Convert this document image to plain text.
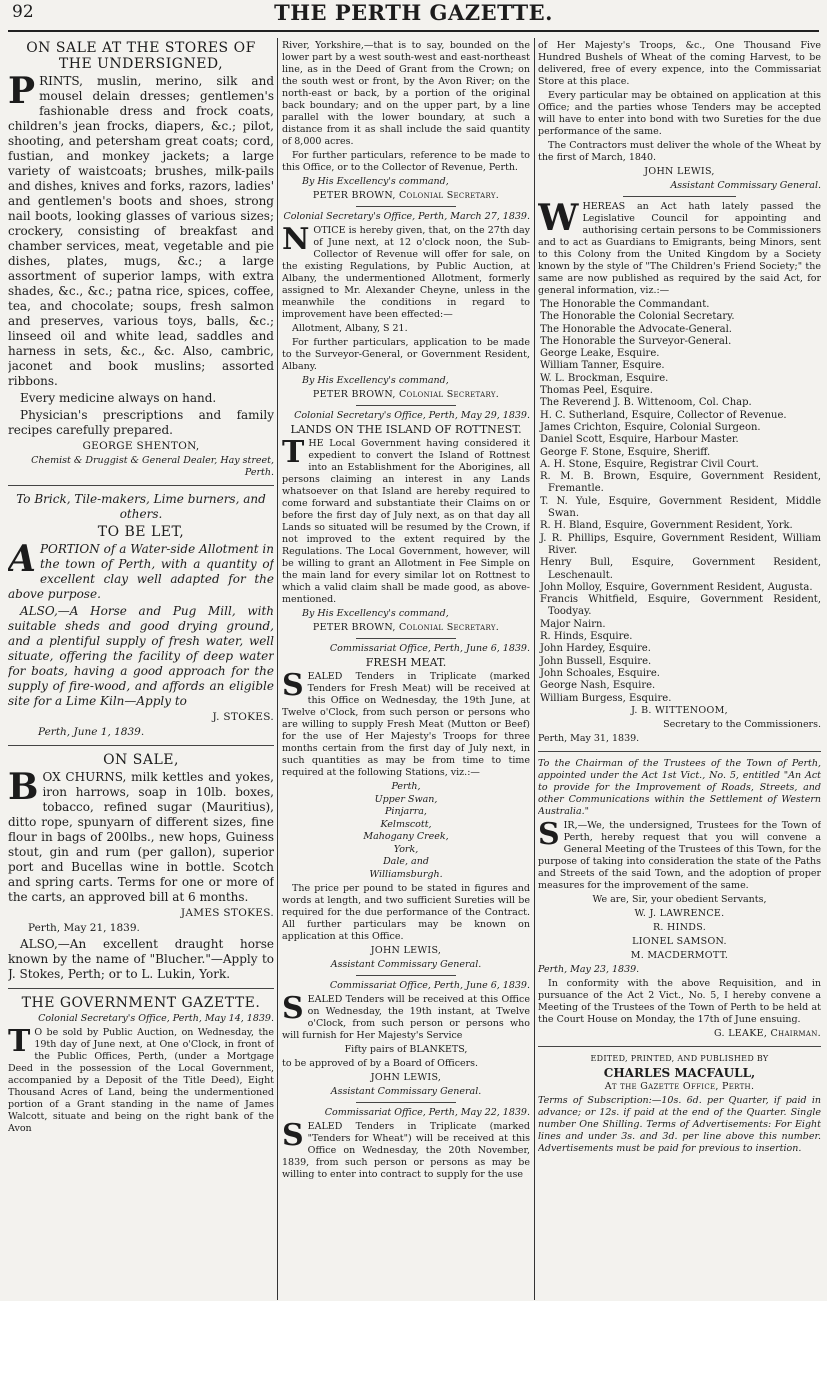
92	THE PERTH GAZETTE.

ON SALE AT THE STORES OF THE UNDERSIGNED,

P RINTS, muslin, merino, silk and mousel delain dresses; gentlemen's fashionable dress and frock coats, children's jean frocks, diapers, &c.; pilot, shooting, and petersham great coats; cord, fustian, and monkey jackets; a large variety of waistcoats; brushes, milk-pails and dishes, knives and forks, razors, ladies' and gentlemen's boots and shoes, strong nail boots, looking glasses of various sizes; crockery, consisting of breakfast and chamber services, meat, vegetable and pie dishes, plates, mugs, &c.; a large assortment of superior lamps, with extra shades, &c., &c.; patna rice, spices, coffee, tea, and chocolate; soups, fresh salmon and preserves, various toys, balls, &c.; linseed oil and white lead, saddles and harness in sets, &c., &c. Also, cambric, jaconet and book muslins; assorted ribbons.

Every medicine always on hand.

Physician's prescriptions and family recipes carefully prepared.

GEORGE SHENTON,

Chemist & Druggist & General Dealer, Hay street, Perth.

To Brick, Tile-makers, Lime burners, and others.

TO BE LET,

A PORTION of a Water-side Allotment in the town of Perth, with a quantity of excellent clay well adapted for the above purpose.

ALSO,—A Horse and Pug Mill, with suitable sheds and good drying ground, and a plentiful supply of fresh water, well situate, offering the facility of deep water for boats, having a good approach for the supply of fire-wood, and affords an eligible site for a Lime Kiln—Apply to

J. STOKES.

Perth, June 1, 1839.

ON SALE,

B OX CHURNS, milk kettles and yokes, iron harrows, soap in 10lb. boxes, tobacco, refined sugar (Mauritius), ditto rope, spunyarn of different sizes, fine flour in bags of 200lbs., new hops, Guiness stout, gin and rum (per gallon), superior port and Bucellas wine in bottle. Scotch and spring carts. Terms for one or more of the carts, an approved bill at 6 months.

JAMES STOKES.

Perth, May 21, 1839.

ALSO,—An excellent draught horse known by the name of "Blucher."—Apply to J. Stokes, Perth; or to L. Lukin, York.

THE GOVERNMENT GAZETTE.

Colonial Secretary's Office, Perth, May 14, 1839.

T O be sold by Public Auction, on Wednesday, the 19th day of June next, at One o'Clock, in front of the Public Offices, Perth, (under a Mortgage Deed in the possession of the Local Government, accompanied by a Deposit of the Title Deed), Eight Thousand Acres of Land, being the undermentioned portion of a Grant standing in the name of James Walcott, situate and being on the right bank of the Avon

River, Yorkshire,—that is to say, bounded on the lower part by a west south-west and east-northeast line, as in the Deed of Grant from the Crown; on the south west or front, by the Avon River; on the north-east or back, by a portion of the original back boundary; and on the upper part, by a line parallel with the lower boundary, at such a distance from it as shall include the said quantity of 8,000 acres.

For further particulars, reference to be made to this Office, or to the Collector of Revenue, Perth.

By His Excellency's command,

PETER BROWN, Colonial Secretary.

Colonial Secretary's Office, Perth, March 27, 1839.

N OTICE is hereby given, that, on the 27th day of June next, at 12 o'clock noon, the Sub-Collector of Revenue will offer for sale, on the existing Regulations, by Public Auction, at Albany, the undermentioned Allotment, formerly assigned to Mr. Alexander Cheyne, unless in the meanwhile the conditions in regard to improvement have been effected:—

Allotment, Albany, S 21.

For further particulars, application to be made to the Surveyor-General, or Government Resident, Albany.

By His Excellency's command,

PETER BROWN, Colonial Secretary.

Colonial Secretary's Office, Perth, May 29, 1839.

LANDS ON THE ISLAND OF ROTTNEST.

T HE Local Government having considered it expedient to convert the Island of Rottnest into an Establishment for the Aborigines, all persons claiming an interest in any Lands whatsoever on that Island are hereby required to come forward and substantiate their Claims on or before the first day of July next, as on that day all Lands so situated will be resumed by the Crown, if not improved to the extent required by the Regulations. The Local Government, however, will be willing to grant an Allotment in Fee Simple on the main land for every similar lot on Rottnest to which a valid claim shall be made good, as above-mentioned.

By His Excellency's command,

PETER BROWN, Colonial Secretary.

Commissariat Office, Perth, June 6, 1839.

FRESH MEAT.

S EALED Tenders in Triplicate (marked Tenders for Fresh Meat) will be received at this Office on Wednesday, the 19th June, at Twelve o'Clock, from such person or persons who are willing to supply Fresh Meat (Mutton or Beef) for the use of Her Majesty's Troops for three months certain from the first day of July next, in such quantities as may be from time to time required at the following Stations, viz.:—

Perth,
Upper Swan,
Pinjarra,
Kelmscott,
Mahogany Creek,
York,
Dale, and
Williamsburgh.

The price per pound to be stated in figures and words at length, and two sufficient Sureties will be required for the due performance of the Contract. All further particulars may be known on application at this Office.

JOHN LEWIS,

Assistant Commissary General.

Commissariat Office, Perth, June 6, 1839.

S EALED Tenders will be received at this Office on Wednesday, the 19th instant, at Twelve o'Clock, from such person or persons who will furnish for Her Majesty's Service

Fifty pairs of BLANKETS,

to be approved of by a Board of Officers.

JOHN LEWIS,

Assistant Commissary General.

Commissariat Office, Perth, May 22, 1839.

S EALED Tenders in Triplicate (marked "Tenders for Wheat") will be received at this Office on Wednesday, the 20th November, 1839, from such person or persons as may be willing to enter into contract to supply for the use

of Her Majesty's Troops, &c., One Thousand Five Hundred Bushels of Wheat of the coming Harvest, to be delivered, free of every expence, into the Commissariat Store at this place.

Every particular may be obtained on application at this Office; and the parties whose Tenders may be accepted will have to enter into bond with two Sureties for the due performance of the same.

The Contractors must deliver the whole of the Wheat by the first of March, 1840.

JOHN LEWIS,

Assistant Commissary General.

W HEREAS an Act hath lately passed the Legislative Council for appointing and authorising certain persons to be Commissioners and to act as Guardians to Emigrants, being Minors, sent to this Colony from the United Kingdom by a Society known by the style of "The Children's Friend Society;" the same are now published as required by the said Act, for general information, viz.:—

The Honorable the Commandant.
The Honorable the Colonial Secretary.
The Honorable the Advocate-General.
The Honorable the Surveyor-General.
George Leake, Esquire.
William Tanner, Esquire.
W. L. Brockman, Esquire.
Thomas Peel, Esquire.
The Reverend J. B. Wittenoom, Col. Chap.
H. C. Sutherland, Esquire, Collector of Revenue.
James Crichton, Esquire, Colonial Surgeon.
Daniel Scott, Esquire, Harbour Master.
George F. Stone, Esquire, Sheriff.
A. H. Stone, Esquire, Registrar Civil Court.
R. M. B. Brown, Esquire, Government Resident, Fremantle.
T. N. Yule, Esquire, Government Resident, Middle Swan.
R. H. Bland, Esquire, Government Resident, York.
J. R. Phillips, Esquire, Government Resident, William River.
Henry Bull, Esquire, Government Resident, Leschenault.
John Molloy, Esquire, Government Resident, Augusta.
Francis Whitfield, Esquire, Government Resident, Toodyay.
Major Nairn.
R. Hinds, Esquire.
John Hardey, Esquire.
John Bussell, Esquire.
John Schoales, Esquire.
George Nash, Esquire.
William Burgess, Esquire.

J. B. WITTENOOM,

Secretary to the Commissioners.

Perth, May 31, 1839.

To the Chairman of the Trustees of the Town of Perth, appointed under the Act 1st Vict., No. 5, entitled "An Act to provide for the Improvement of Roads, Streets, and other Communications within the Settlement of Western Australia."

S IR,—We, the undersigned, Trustees for the Town of Perth, hereby request that you will convene a General Meeting of the Trustees of this Town, for the purpose of taking into consideration the state of the Paths and Streets of the said Town, and the adoption of proper measures for the improvement of the same.

We are, Sir, your obedient Servants,

W. J. LAWRENCE.

R. HINDS.

LIONEL SAMSON.

M. MACDERMOTT.

Perth, May 23, 1839.

In conformity with the above Requisition, and in pursuance of the Act 2 Vict., No. 5, I hereby convene a Meeting of the Trustees of the Town of Perth to be held at the Court House on Monday, the 17th of June ensuing.

G. LEAKE, Chairman.

EDITED, PRINTED, AND PUBLISHED BY

CHARLES MACFAULL,

At the Gazette Office, Perth.

Terms of Subscription:—10s. 6d. per Quarter, if paid in advance; or 12s. if paid at the end of the Quarter. Single number One Shilling. Terms of Advertisements: For Eight lines and under 3s. and 3d. per line above this number. Advertisements must be paid for previous to insertion.
